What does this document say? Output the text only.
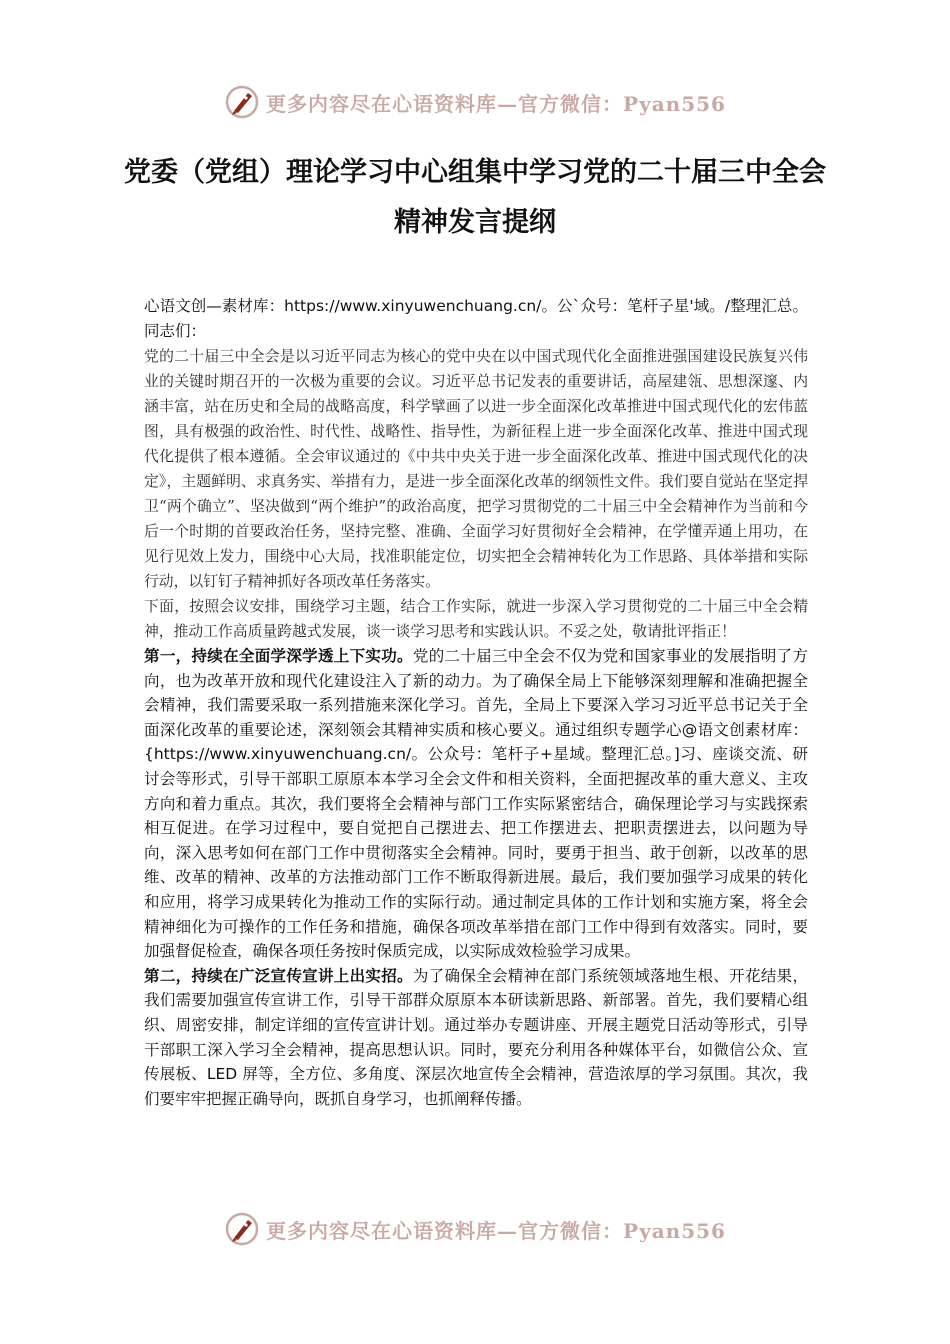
更多内容尽在心语资料库—官方微信：Pyan556
党委（党组）理论学习中心组集中学习党的二十届三中全会精神发言提纲

心语文创—素材库：https://www.xinyuwenchuang.cn/。公`众号：笔杆子星'域。/整理汇总。同志们：

党的二十届三中全会是以习近平同志为核心的党中央在以中国式现代化全面推进强国建设民族复兴伟业的关键时期召开的一次极为重要的会议。习近平总书记发表的重要讲话，高屋建瓴、思想深邃、内涵丰富，站在历史和全局的战略高度，科学擘画了以进一步全面深化改革推进中国式现代化的宏伟蓝图，具有极强的政治性、时代性、战略性、指导性，为新征程上进一步全面深化改革、推进中国式现代化提供了根本遵循。全会审议通过的《中共中央关于进一步全面深化改革、推进中国式现代化的决定》，主题鲜明、求真务实、举措有力，是进一步全面深化改革的纲领性文件。我们要自觉站在坚定捍卫“两个确立”、坚决做到“两个维护”的政治高度，把学习贯彻党的二十届三中全会精神作为当前和今后一个时期的首要政治任务，坚持完整、准确、全面学习好贯彻好全会精神，在学懂弄通上用功，在见行见效上发力，围绕中心大局，找准职能定位，切实把全会精神转化为工作思路、具体举措和实际行动，以钉钉子精神抓好各项改革任务落实。

下面，按照会议安排，围绕学习主题，结合工作实际，就进一步深入学习贯彻党的二十届三中全会精神，推动工作高质量跨越式发展，谈一谈学习思考和实践认识。不妥之处，敬请批评指正！

第一，持续在全面学深学透上下实功。党的二十届三中全会不仅为党和国家事业的发展指明了方向，也为改革开放和现代化建设注入了新的动力。为了确保全局上下能够深刻理解和准确把握全会精神，我们需要采取一系列措施来深化学习。首先，全局上下要深入学习习近平总书记关于全面深化改革的重要论述，深刻领会其精神实质和核心要义。通过组织专题学心@语文创素材库：{https://www.xinyuwenchuang.cn/。公众号：笔杆子+星域。整理汇总。]习、座谈交流、研讨会等形式，引导干部职工原原本本学习全会文件和相关资料，全面把握改革的重大意义、主攻方向和着力重点。其次，我们要将全会精神与部门工作实际紧密结合，确保理论学习与实践探索相互促进。在学习过程中，要自觉把自己摆进去、把工作摆进去、把职责摆进去，以问题为导向，深入思考如何在部门工作中贯彻落实全会精神。同时，要勇于担当、敢于创新，以改革的思维、改革的精神、改革的方法推动部门工作不断取得新进展。最后，我们要加强学习成果的转化和应用，将学习成果转化为推动工作的实际行动。通过制定具体的工作计划和实施方案，将全会精神细化为可操作的工作任务和措施，确保各项改革举措在部门工作中得到有效落实。同时，要加强督促检查，确保各项任务按时保质完成，以实际成效检验学习成果。

第二，持续在广泛宣传宣讲上出实招。为了确保全会精神在部门系统领域落地生根、开花结果，我们需要加强宣传宣讲工作，引导干部群众原原本本研读新思路、新部署。首先，我们要精心组织、周密安排，制定详细的宣传宣讲计划。通过举办专题讲座、开展主题党日活动等形式，引导干部职工深入学习全会精神，提高思想认识。同时，要充分利用各种媒体平台，如微信公众、宣传展板、LED 屏等，全方位、多角度、深层次地宣传全会精神，营造浓厚的学习氛围。其次，我们要牢牢把握正确导向，既抓自身学习，也抓阐释传播。

更多内容尽在心语资料库—官方微信：Pyan556
